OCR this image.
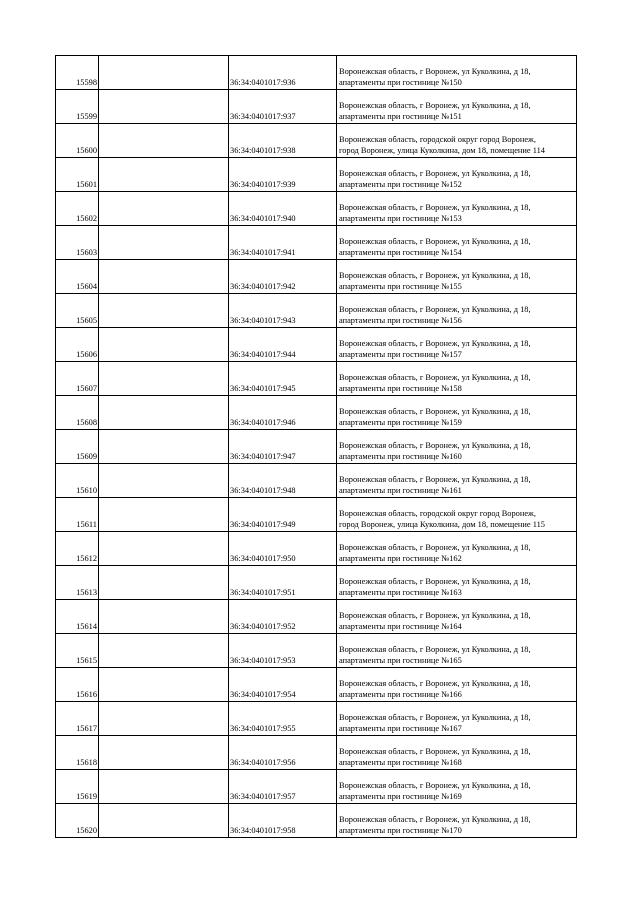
15598		36:34:0401017:936	Воронежская область, г Воронеж, ул Куколкина, д 18,
апартаменты при гостинице №150

15599		36:34:0401017:937	Воронежская область, г Воронеж, ул Куколкина, д 18,
апартаменты при гостинице №151

15600		36:34:0401017:938	Воронежская область, городской округ город Воронеж,
город Воронеж, улица Куколкина, дом 18, помещение 114

15601		36:34:0401017:939	Воронежская область, г Воронеж, ул Куколкина, д 18,
апартаменты при гостинице №152

15602		36:34:0401017:940	Воронежская область, г Воронеж, ул Куколкина, д 18,
апартаменты при гостинице №153

15603		36:34:0401017:941	Воронежская область, г Воронеж, ул Куколкина, д 18,
апартаменты при гостинице №154

15604		36:34:0401017:942	Воронежская область, г Воронеж, ул Куколкина, д 18,
апартаменты при гостинице №155

15605		36:34:0401017:943	Воронежская область, г Воронеж, ул Куколкина, д 18,
апартаменты при гостинице №156

15606		36:34:0401017:944	Воронежская область, г Воронеж, ул Куколкина, д 18,
апартаменты при гостинице №157

15607		36:34:0401017:945	Воронежская область, г Воронеж, ул Куколкина, д 18,
апартаменты при гостинице №158

15608		36:34:0401017:946	Воронежская область, г Воронеж, ул Куколкина, д 18,
апартаменты при гостинице №159

15609		36:34:0401017:947	Воронежская область, г Воронеж, ул Куколкина, д 18,
апартаменты при гостинице №160

15610		36:34:0401017:948	Воронежская область, г Воронеж, ул Куколкина, д 18,
апартаменты при гостинице №161

15611		36:34:0401017:949	Воронежская область, городской округ город Воронеж,
город Воронеж, улица Куколкина, дом 18, помещение 115

15612		36:34:0401017:950	Воронежская область, г Воронеж, ул Куколкина, д 18,
апартаменты при гостинице №162

15613		36:34:0401017:951	Воронежская область, г Воронеж, ул Куколкина, д 18,
апартаменты при гостинице №163

15614		36:34:0401017:952	Воронежская область, г Воронеж, ул Куколкина, д 18,
апартаменты при гостинице №164

15615		36:34:0401017:953	Воронежская область, г Воронеж, ул Куколкина, д 18,
апартаменты при гостинице №165

15616		36:34:0401017:954	Воронежская область, г Воронеж, ул Куколкина, д 18,
апартаменты при гостинице №166

15617		36:34:0401017:955	Воронежская область, г Воронеж, ул Куколкина, д 18,
апартаменты при гостинице №167

15618		36:34:0401017:956	Воронежская область, г Воронеж, ул Куколкина, д 18,
апартаменты при гостинице №168

15619		36:34:0401017:957	Воронежская область, г Воронеж, ул Куколкина, д 18,
апартаменты при гостинице №169

15620		36:34:0401017:958	Воронежская область, г Воронеж, ул Куколкина, д 18,
апартаменты при гостинице №170
